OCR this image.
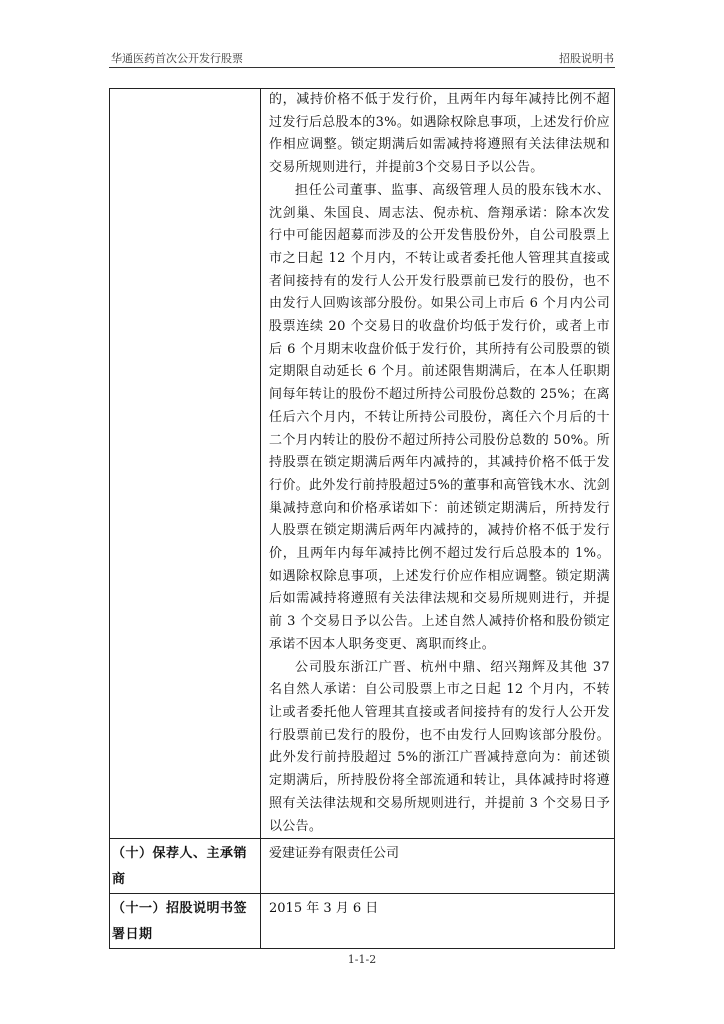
华通医药首次公开发行股票	招股说明书

	的，减持价格不低于发行价，且两年内每年减持比例不超过发行后总股本的3%。如遇除权除息事项，上述发行价应作相应调整。锁定期满后如需减持将遵照有关法律法规和交易所规则进行，并提前3个交易日予以公告。
担任公司董事、监事、高级管理人员的股东钱木水、沈剑巢、朱国良、周志法、倪赤杭、詹翔承诺：除本次发行中可能因超募而涉及的公开发售股份外，自公司股票上市之日起 12 个月内，不转让或者委托他人管理其直接或者间接持有的发行人公开发行股票前已发行的股份，也不由发行人回购该部分股份。如果公司上市后 6 个月内公司股票连续 20 个交易日的收盘价均低于发行价，或者上市后 6 个月期末收盘价低于发行价，其所持有公司股票的锁定期限自动延长 6 个月。前述限售期满后，在本人任职期间每年转让的股份不超过所持公司股份总数的 25%；在离任后六个月内，不转让所持公司股份，离任六个月后的十二个月内转让的股份不超过所持公司股份总数的 50%。所持股票在锁定期满后两年内减持的，其减持价格不低于发行价。此外发行前持股超过5%的董事和高管钱木水、沈剑巢减持意向和价格承诺如下：前述锁定期满后，所持发行人股票在锁定期满后两年内减持的，减持价格不低于发行价，且两年内每年减持比例不超过发行后总股本的 1%。如遇除权除息事项，上述发行价应作相应调整。锁定期满后如需减持将遵照有关法律法规和交易所规则进行，并提前 3 个交易日予以公告。上述自然人减持价格和股份锁定承诺不因本人职务变更、离职而终止。
公司股东浙江广晋、杭州中鼎、绍兴翔辉及其他 37 名自然人承诺：自公司股票上市之日起 12 个月内，不转让或者委托他人管理其直接或者间接持有的发行人公开发行股票前已发行的股份，也不由发行人回购该部分股份。此外发行前持股超过 5%的浙江广晋减持意向为：前述锁定期满后，所持股份将全部流通和转让，具体减持时将遵照有关法律法规和交易所规则进行，并提前 3 个交易日予以公告。

（十）保荐人、主承销商	爱建证券有限责任公司

（十一）招股说明书签署日期	2015 年 3 月 6 日
1-1-2
